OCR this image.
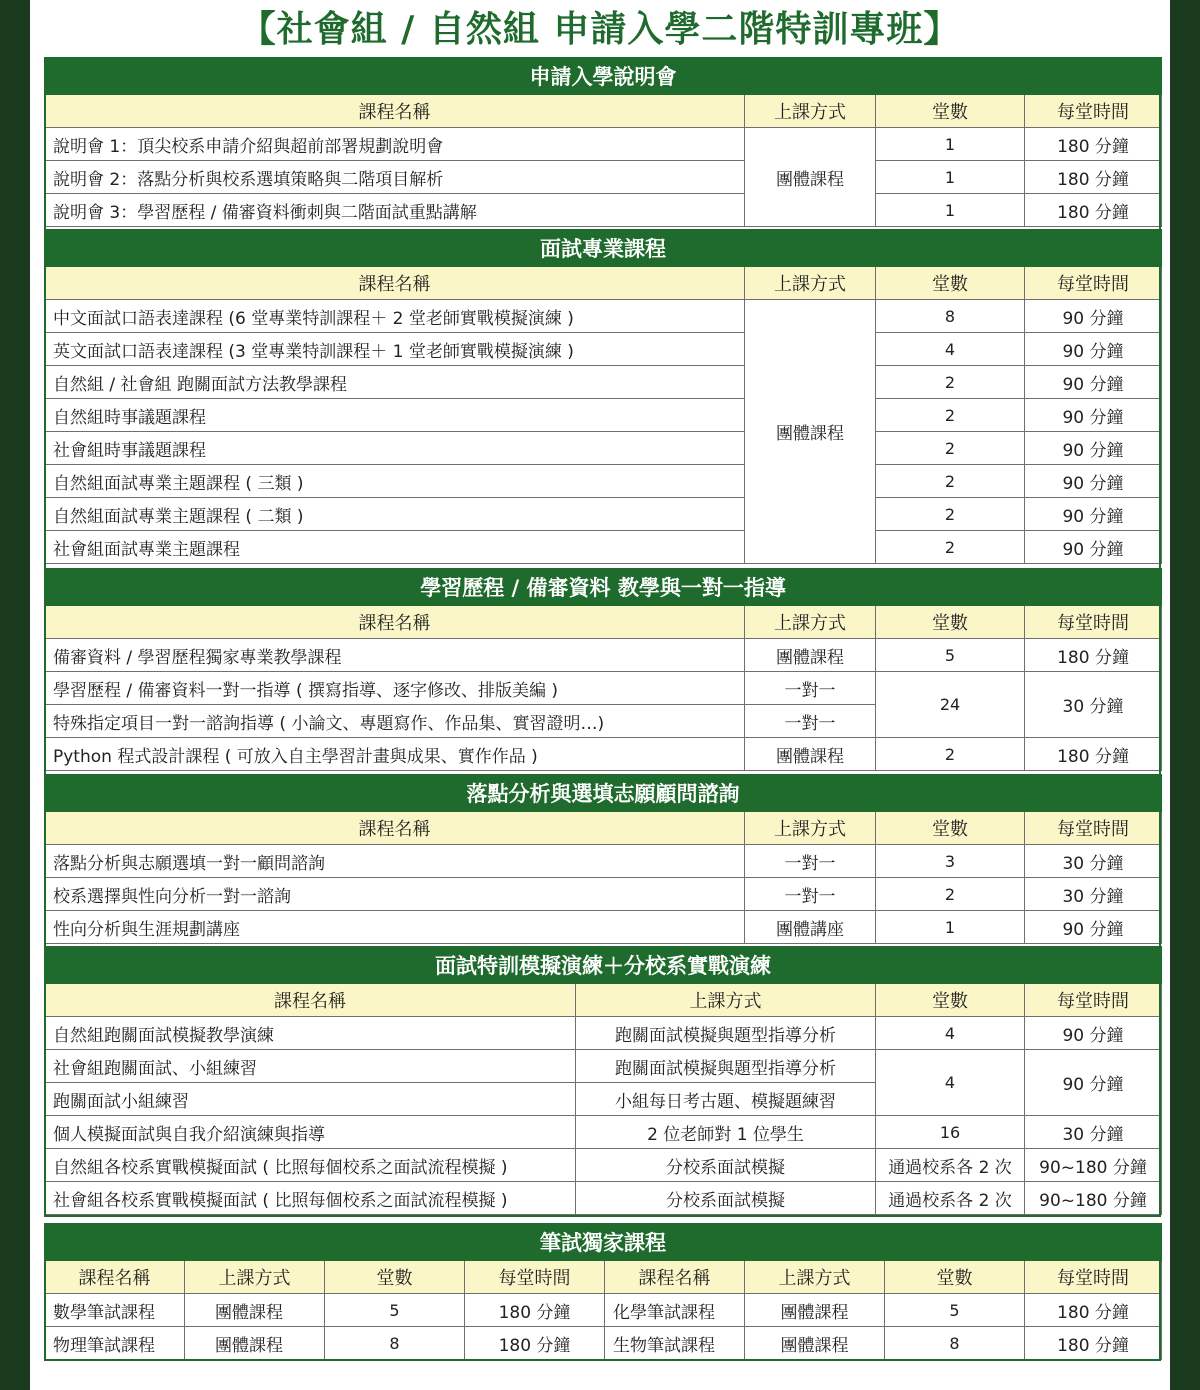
【社會組 / 自然組 申請入學二階特訓專班】
申請入學說明會			
課程名稱	上課方式	堂數	每堂時間
說明會 1：頂尖校系申請介紹與超前部署規劃說明會	團體課程	1	180 分鐘
說明會 2：落點分析與校系選填策略與二階項目解析		1	180 分鐘
說明會 3：學習歷程 / 備審資料衝刺與二階面試重點講解		1	180 分鐘
面試專業課程			
課程名稱	上課方式	堂數	每堂時間
中文面試口語表達課程 (6 堂專業特訓課程＋ 2 堂老師實戰模擬演練 )	團體課程	8	90 分鐘
英文面試口語表達課程 (3 堂專業特訓課程＋ 1 堂老師實戰模擬演練 )		4	90 分鐘
自然組 / 社會組 跑關面試方法教學課程		2	90 分鐘
自然組時事議題課程		2	90 分鐘
社會組時事議題課程		2	90 分鐘
自然組面試專業主題課程 ( 三類 )		2	90 分鐘
自然組面試專業主題課程 ( 二類 )		2	90 分鐘
社會組面試專業主題課程		2	90 分鐘
學習歷程 / 備審資料 教學與一對一指導			
課程名稱	上課方式	堂數	每堂時間
備審資料 / 學習歷程獨家專業教學課程	團體課程	5	180 分鐘
學習歷程 / 備審資料一對一指導 ( 撰寫指導、逐字修改、排版美編 )	一對一	24	30 分鐘
特殊指定項目一對一諮詢指導 ( 小論文、專題寫作、作品集、實習證明…)	一對一		
Python 程式設計課程 ( 可放入自主學習計畫與成果、實作作品 )	團體課程	2	180 分鐘
落點分析與選填志願顧問諮詢			
課程名稱	上課方式	堂數	每堂時間
落點分析與志願選填一對一顧問諮詢	一對一	3	30 分鐘
校系選擇與性向分析一對一諮詢	一對一	2	30 分鐘
性向分析與生涯規劃講座	團體講座	1	90 分鐘
面試特訓模擬演練＋分校系實戰演練			
課程名稱	上課方式	堂數	每堂時間
自然組跑關面試模擬教學演練	跑關面試模擬與題型指導分析	4	90 分鐘
社會組跑關面試、小組練習	跑關面試模擬與題型指導分析	4	90 分鐘
跑關面試小組練習	小組每日考古題、模擬題練習		
個人模擬面試與自我介紹演練與指導	2 位老師對 1 位學生	16	30 分鐘
自然組各校系實戰模擬面試 ( 比照每個校系之面試流程模擬 )	分校系面試模擬	通過校系各 2 次	90~180 分鐘
社會組各校系實戰模擬面試 ( 比照每個校系之面試流程模擬 )	分校系面試模擬	通過校系各 2 次	90~180 分鐘
筆試獨家課程							
課程名稱	上課方式	堂數	每堂時間	課程名稱	上課方式	堂數	每堂時間
數學筆試課程	團體課程	5	180 分鐘	化學筆試課程	團體課程	5	180 分鐘
物理筆試課程	團體課程	8	180 分鐘	生物筆試課程	團體課程	8	180 分鐘
